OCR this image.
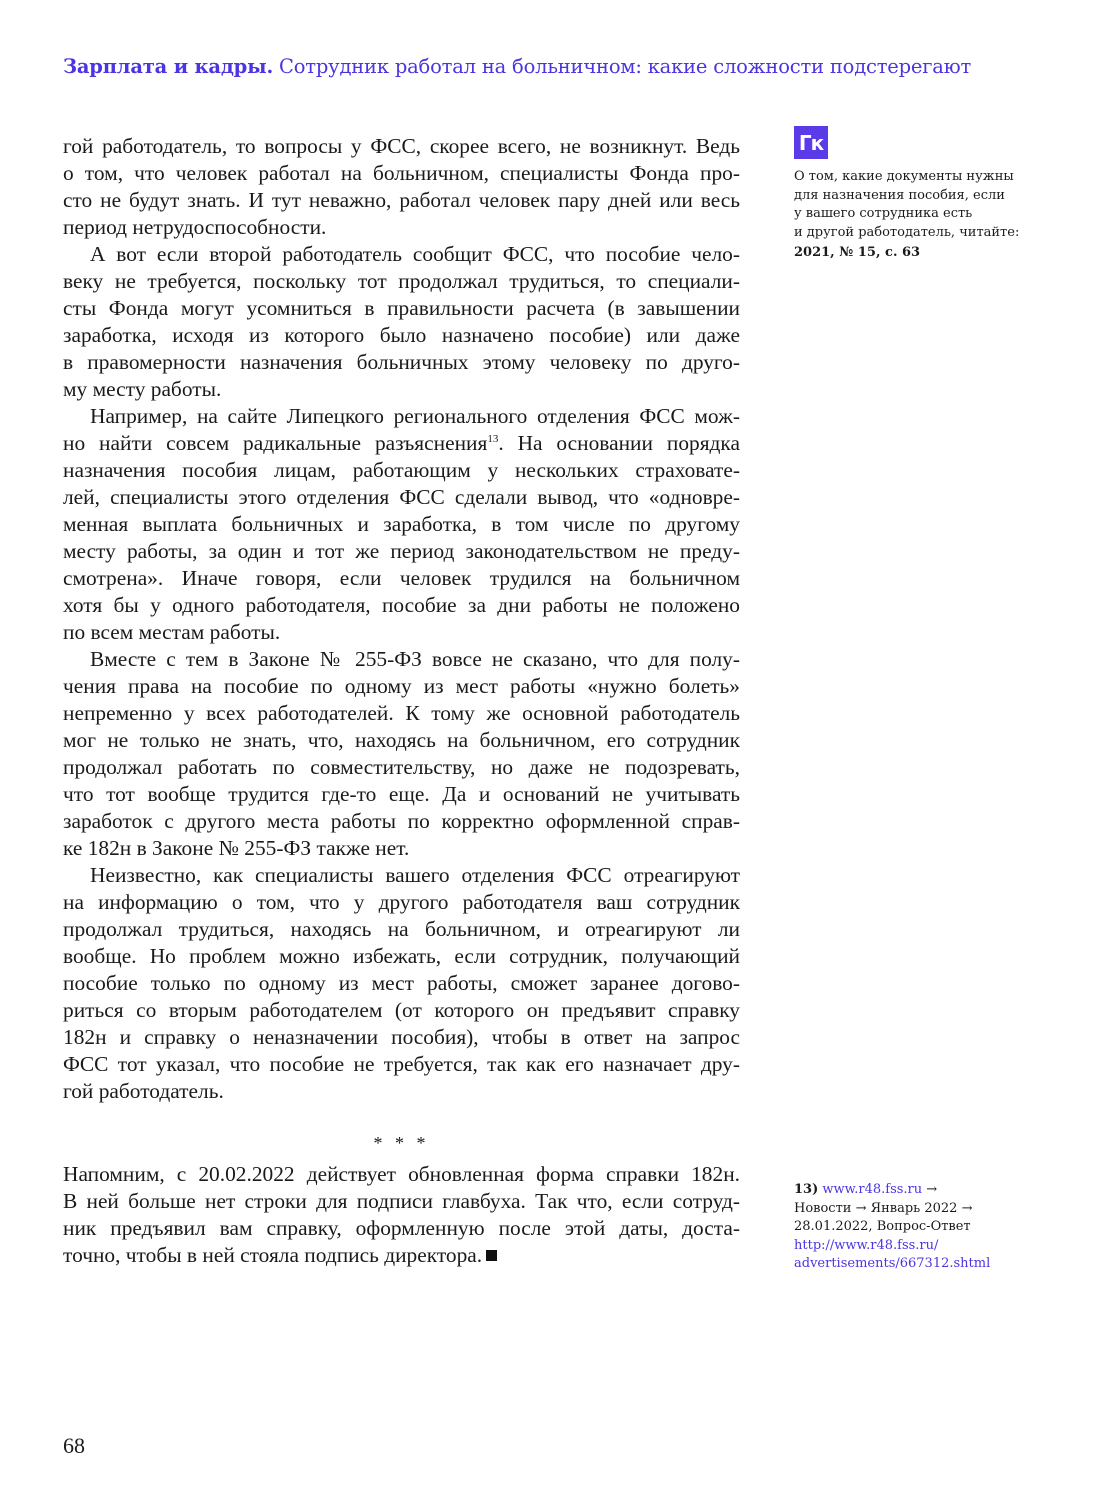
Зарплата и кадры. Сотрудник работал на больничном: какие сложности подстерегают

гой работодатель, то вопросы у ФСС, скорее всего, не возникнут. Ведь
о том, что человек работал на больничном, специалисты Фонда про-
сто не будут знать. И тут неважно, работал человек пару дней или весь
период нетрудоспособности.

А вот если второй работодатель сообщит ФСС, что пособие чело-
веку не требуется, поскольку тот продолжал трудиться, то специали-
сты Фонда могут усомниться в правильности расчета (в завышении
заработка, исходя из которого было назначено пособие) или даже
в правомерности назначения больничных этому человеку по друго-
му месту работы.

Например, на сайте Липецкого регионального отделения ФСС мож-
но найти совсем радикальные разъяснения$^{13}$. На основании порядка
назначения пособия лицам, работающим у нескольких страховате-
лей, специалисты этого отделения ФСС сделали вывод, что «одновре-
менная выплата больничных и заработка, в том числе по другому
месту работы, за один и тот же период законодательством не преду-
смотрена». Иначе говоря, если человек трудился на больничном
хотя бы у одного работодателя, пособие за дни работы не положено
по всем местам работы.

Вместе с тем в Законе № 255-ФЗ вовсе не сказано, что для полу-
чения права на пособие по одному из мест работы «нужно болеть»
непременно у всех работодателей. К тому же основной работодатель
мог не только не знать, что, находясь на больничном, его сотрудник
продолжал работать по совместительству, но даже не подозревать,
что тот вообще трудится где-то еще. Да и оснований не учитывать
заработок с другого места работы по корректно оформленной справ-
ке 182н в Законе № 255-ФЗ также нет.

Неизвестно, как специалисты вашего отделения ФСС отреагируют
на информацию о том, что у другого работодателя ваш сотрудник
продолжал трудиться, находясь на больничном, и отреагируют ли
вообще. Но проблем можно избежать, если сотрудник, получающий
пособие только по одному из мест работы, сможет заранее догово-
риться со вторым работодателем (от которого он предъявит справку
182н и справку о неназначении пособия), чтобы в ответ на запрос
ФСС тот указал, что пособие не требуется, так как его назначает дру-
гой работодатель.

* * *
Напомним, с 20.02.2022 действует обновленная форма справки 182н.
В ней больше нет строки для подписи главбуха. Так что, если сотруд-
ник предъявил вам справку, оформленную после этой даты, доста-
точно, чтобы в ней стояла подпись директора.
Гк
О том, какие документы нужны
для назначения пособия, если
у вашего сотрудника есть
и другой работодатель, читайте:
2021, № 15, с. 63
13) www.r48.fss.ru →
Новости → Январь 2022 →
28.01.2022, Вопрос-Ответ
http://www.r48.fss.ru/
advertisements/667312.shtml
68
